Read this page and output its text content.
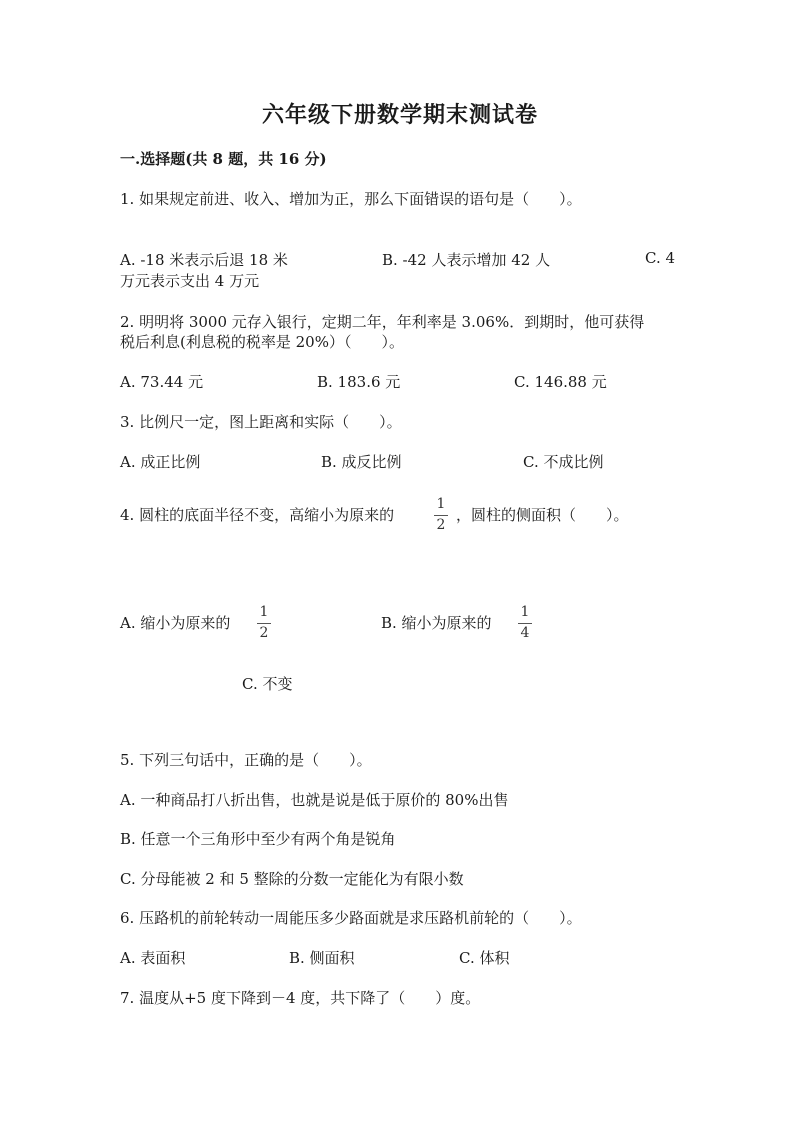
六年级下册数学期末测试卷
一.选择题(共 8 题，共 16 分)
1. 如果规定前进、收入、增加为正，那么下面错误的语句是（　　）。
A. -18 米表示后退 18 米	B. -42 人表示增加 42 人	C. 4
万元表示支出 4 万元
2. 明明将 3000 元存入银行，定期二年，年利率是 3.06%．到期时，他可获得
税后利息(利息税的税率是 20%）（　　）。
A. 73.44 元	B. 183.6 元	C. 146.88 元
3. 比例尺一定，图上距离和实际（　　）。
A. 成正比例	B. 成反比例	C. 不成比例
4. 圆柱的底面半径不变，高缩小为原来的
1
2
，圆柱的侧面积（　　）。
A. 缩小为原来的
1
2
B. 缩小为原来的
1
4
C. 不变
5. 下列三句话中，正确的是（　　）。
A. 一种商品打八折出售，也就是说是低于原价的 80%出售
B. 任意一个三角形中至少有两个角是锐角
C. 分母能被 2 和 5 整除的分数一定能化为有限小数
6. 压路机的前轮转动一周能压多少路面就是求压路机前轮的（　　）。
A. 表面积	B. 侧面积	C. 体积
7. 温度从+5 度下降到－4 度，共下降了（　　）度。
